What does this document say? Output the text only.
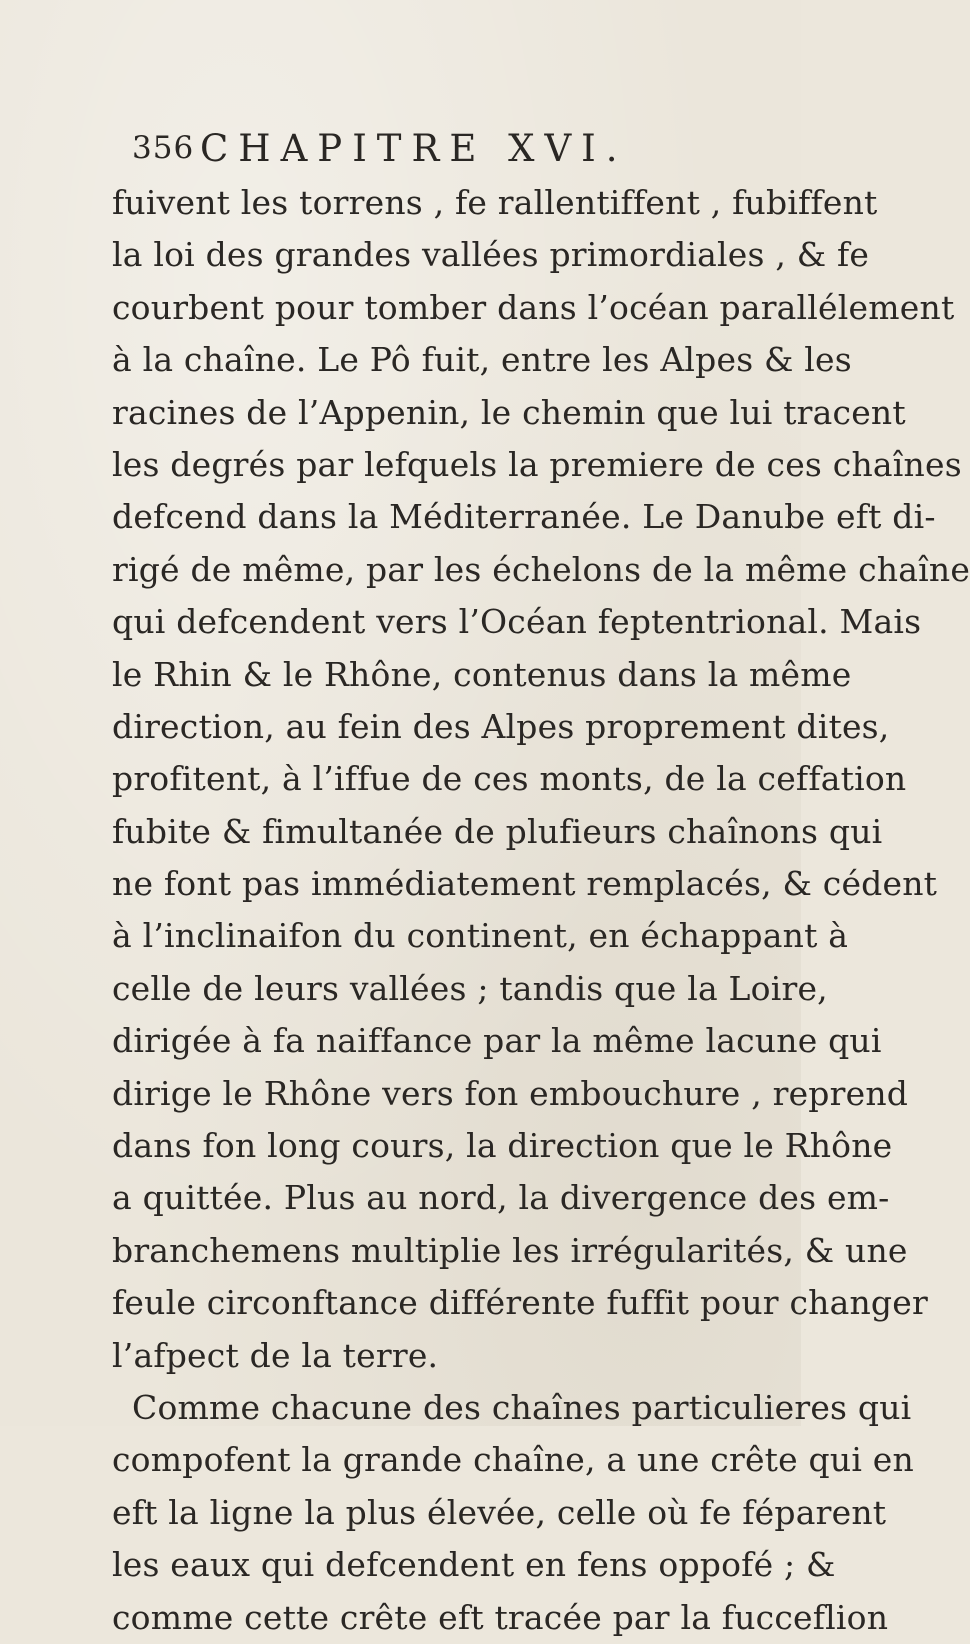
356 CHAPITRE XVI.
fuivent les torrens , fe rallentiffent , fubiffent
la loi des grandes vallées primordiales , & fe
courbent pour tomber dans l’océan parallélement
à la chaîne. Le Pô fuit, entre les Alpes & les
racines de l’Appenin, le chemin que lui tracent
les degrés par lefquels la premiere de ces chaînes
defcend dans la Méditerranée. Le Danube eft di-
rigé de même, par les échelons de la même chaîne
qui defcendent vers l’Océan feptentrional. Mais
le Rhin & le Rhône, contenus dans la même
direction, au fein des Alpes proprement dites,
profitent, à l’iffue de ces monts, de la ceffation
fubite & fimultanée de plufieurs chaînons qui
ne font pas immédiatement remplacés, & cédent
à l’inclinaifon du continent, en échappant à
celle de leurs vallées ; tandis que la Loire,
dirigée à fa naiffance par la même lacune qui
dirige le Rhône vers fon embouchure , reprend
dans fon long cours, la direction que le Rhône
a quittée. Plus au nord, la divergence des em-
branchemens multiplie les irrégularités, & une
feule circonftance différente fuffit pour changer
l’afpect de la terre.
Comme chacune des chaînes particulieres qui
compofent la grande chaîne, a une crête qui en
eft la ligne la plus élevée, celle où fe féparent
les eaux qui defcendent en fens oppofé ; &
comme cette crête eft tracée par la fucceflion
